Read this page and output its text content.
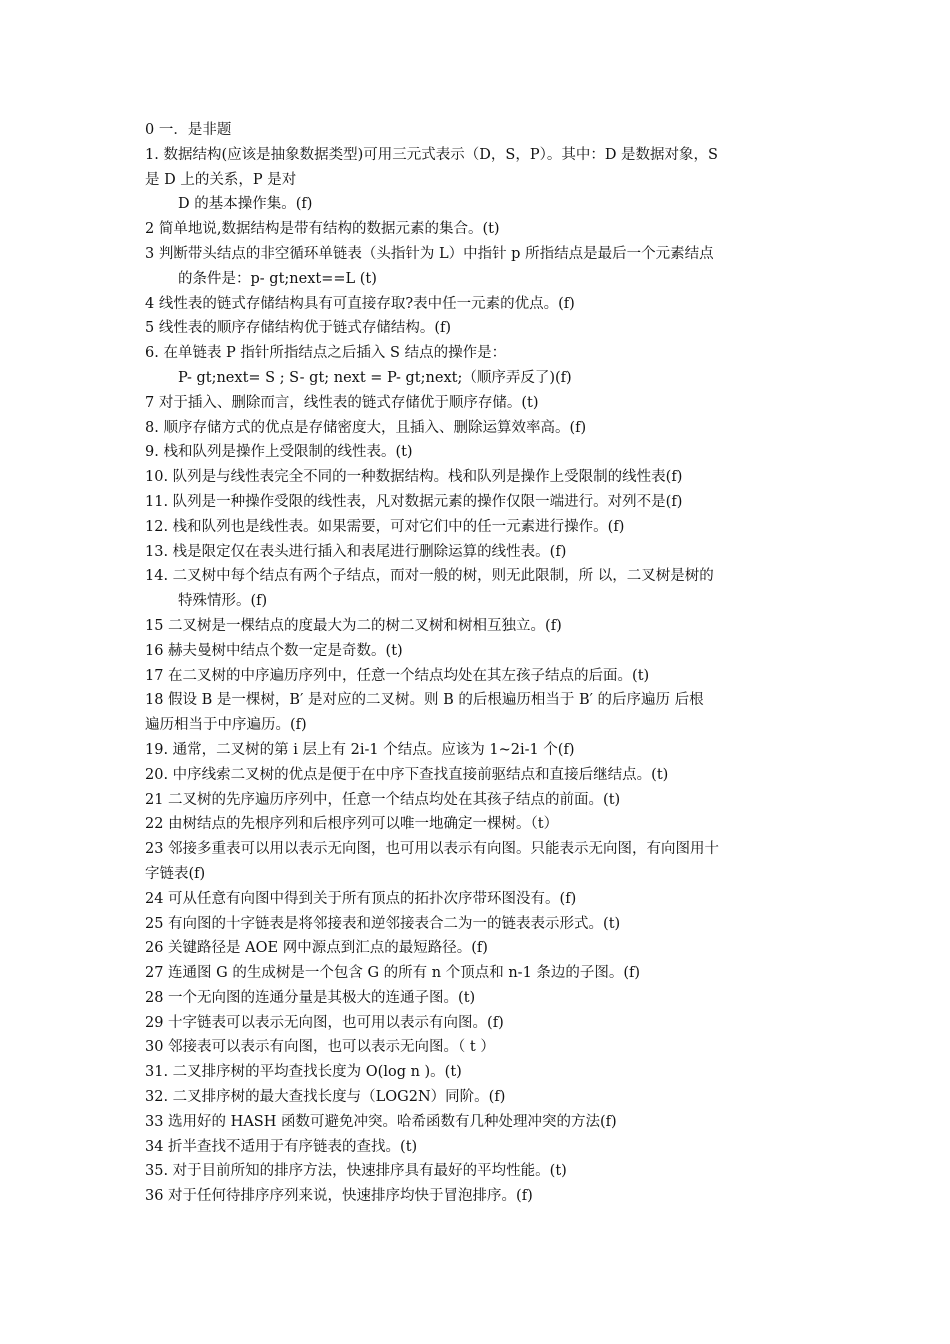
0 一．是非题
1. 数据结构(应该是抽象数据类型)可用三元式表示（D，S，P）。其中：D 是数据对象，S
是 D 上的关系，P 是对
D 的基本操作集。(f)
2 简单地说,数据结构是带有结构的数据元素的集合。(t)
3 判断带头结点的非空循环单链表（头指针为 L）中指针 p 所指结点是最后一个元素结点
的条件是：p- gt;next==L (t)
4 线性表的链式存储结构具有可直接存取?表中任一元素的优点。(f)
5 线性表的顺序存储结构优于链式存储结构。(f)
6. 在单链表 P 指针所指结点之后插入 S 结点的操作是：
P- gt;next= S ; S- gt; next = P- gt;next;（顺序弄反了)(f)
7 对于插入、删除而言，线性表的链式存储优于顺序存储。(t)
8. 顺序存储方式的优点是存储密度大，且插入、删除运算效率高。(f)
9. 栈和队列是操作上受限制的线性表。(t)
10. 队列是与线性表完全不同的一种数据结构。栈和队列是操作上受限制的线性表(f)
11. 队列是一种操作受限的线性表，凡对数据元素的操作仅限一端进行。对列不是(f)
12. 栈和队列也是线性表。如果需要，可对它们中的任一元素进行操作。(f)
13. 栈是限定仅在表头进行插入和表尾进行删除运算的线性表。(f)
14. 二叉树中每个结点有两个子结点，而对一般的树，则无此限制，所 以，二叉树是树的
特殊情形。(f)
15 二叉树是一棵结点的度最大为二的树二叉树和树相互独立。(f)
16 赫夫曼树中结点个数一定是奇数。(t)
17 在二叉树的中序遍历序列中，任意一个结点均处在其左孩子结点的后面。(t)
18 假设 B 是一棵树，B′ 是对应的二叉树。则 B 的后根遍历相当于 B′ 的后序遍历 后根
遍历相当于中序遍历。(f)
19. 通常，二叉树的第 i 层上有 2i-1 个结点。应该为 1~2i-1 个(f)
20. 中序线索二叉树的优点是便于在中序下查找直接前驱结点和直接后继结点。(t)
21 二叉树的先序遍历序列中，任意一个结点均处在其孩子结点的前面。(t)
22 由树结点的先根序列和后根序列可以唯一地确定一棵树。（t）
23 邻接多重表可以用以表示无向图，也可用以表示有向图。只能表示无向图，有向图用十
字链表(f)
24 可从任意有向图中得到关于所有顶点的拓扑次序带环图没有。(f)
25 有向图的十字链表是将邻接表和逆邻接表合二为一的链表表示形式。(t)
26 关键路径是 AOE 网中源点到汇点的最短路径。(f)
27 连通图 G 的生成树是一个包含 G 的所有 n 个顶点和 n-1 条边的子图。(f)
28 一个无向图的连通分量是其极大的连通子图。(t)
29 十字链表可以表示无向图，也可用以表示有向图。(f)
30 邻接表可以表示有向图，也可以表示无向图。（ t ）
31. 二叉排序树的平均查找长度为 O(log n )。(t)
32. 二叉排序树的最大查找长度与（LOG2N）同阶。(f)
33 选用好的 HASH 函数可避免冲突。哈希函数有几种处理冲突的方法(f)
34 折半查找不适用于有序链表的查找。(t)
35. 对于目前所知的排序方法，快速排序具有最好的平均性能。(t)
36 对于任何待排序序列来说，快速排序均快于冒泡排序。(f)
